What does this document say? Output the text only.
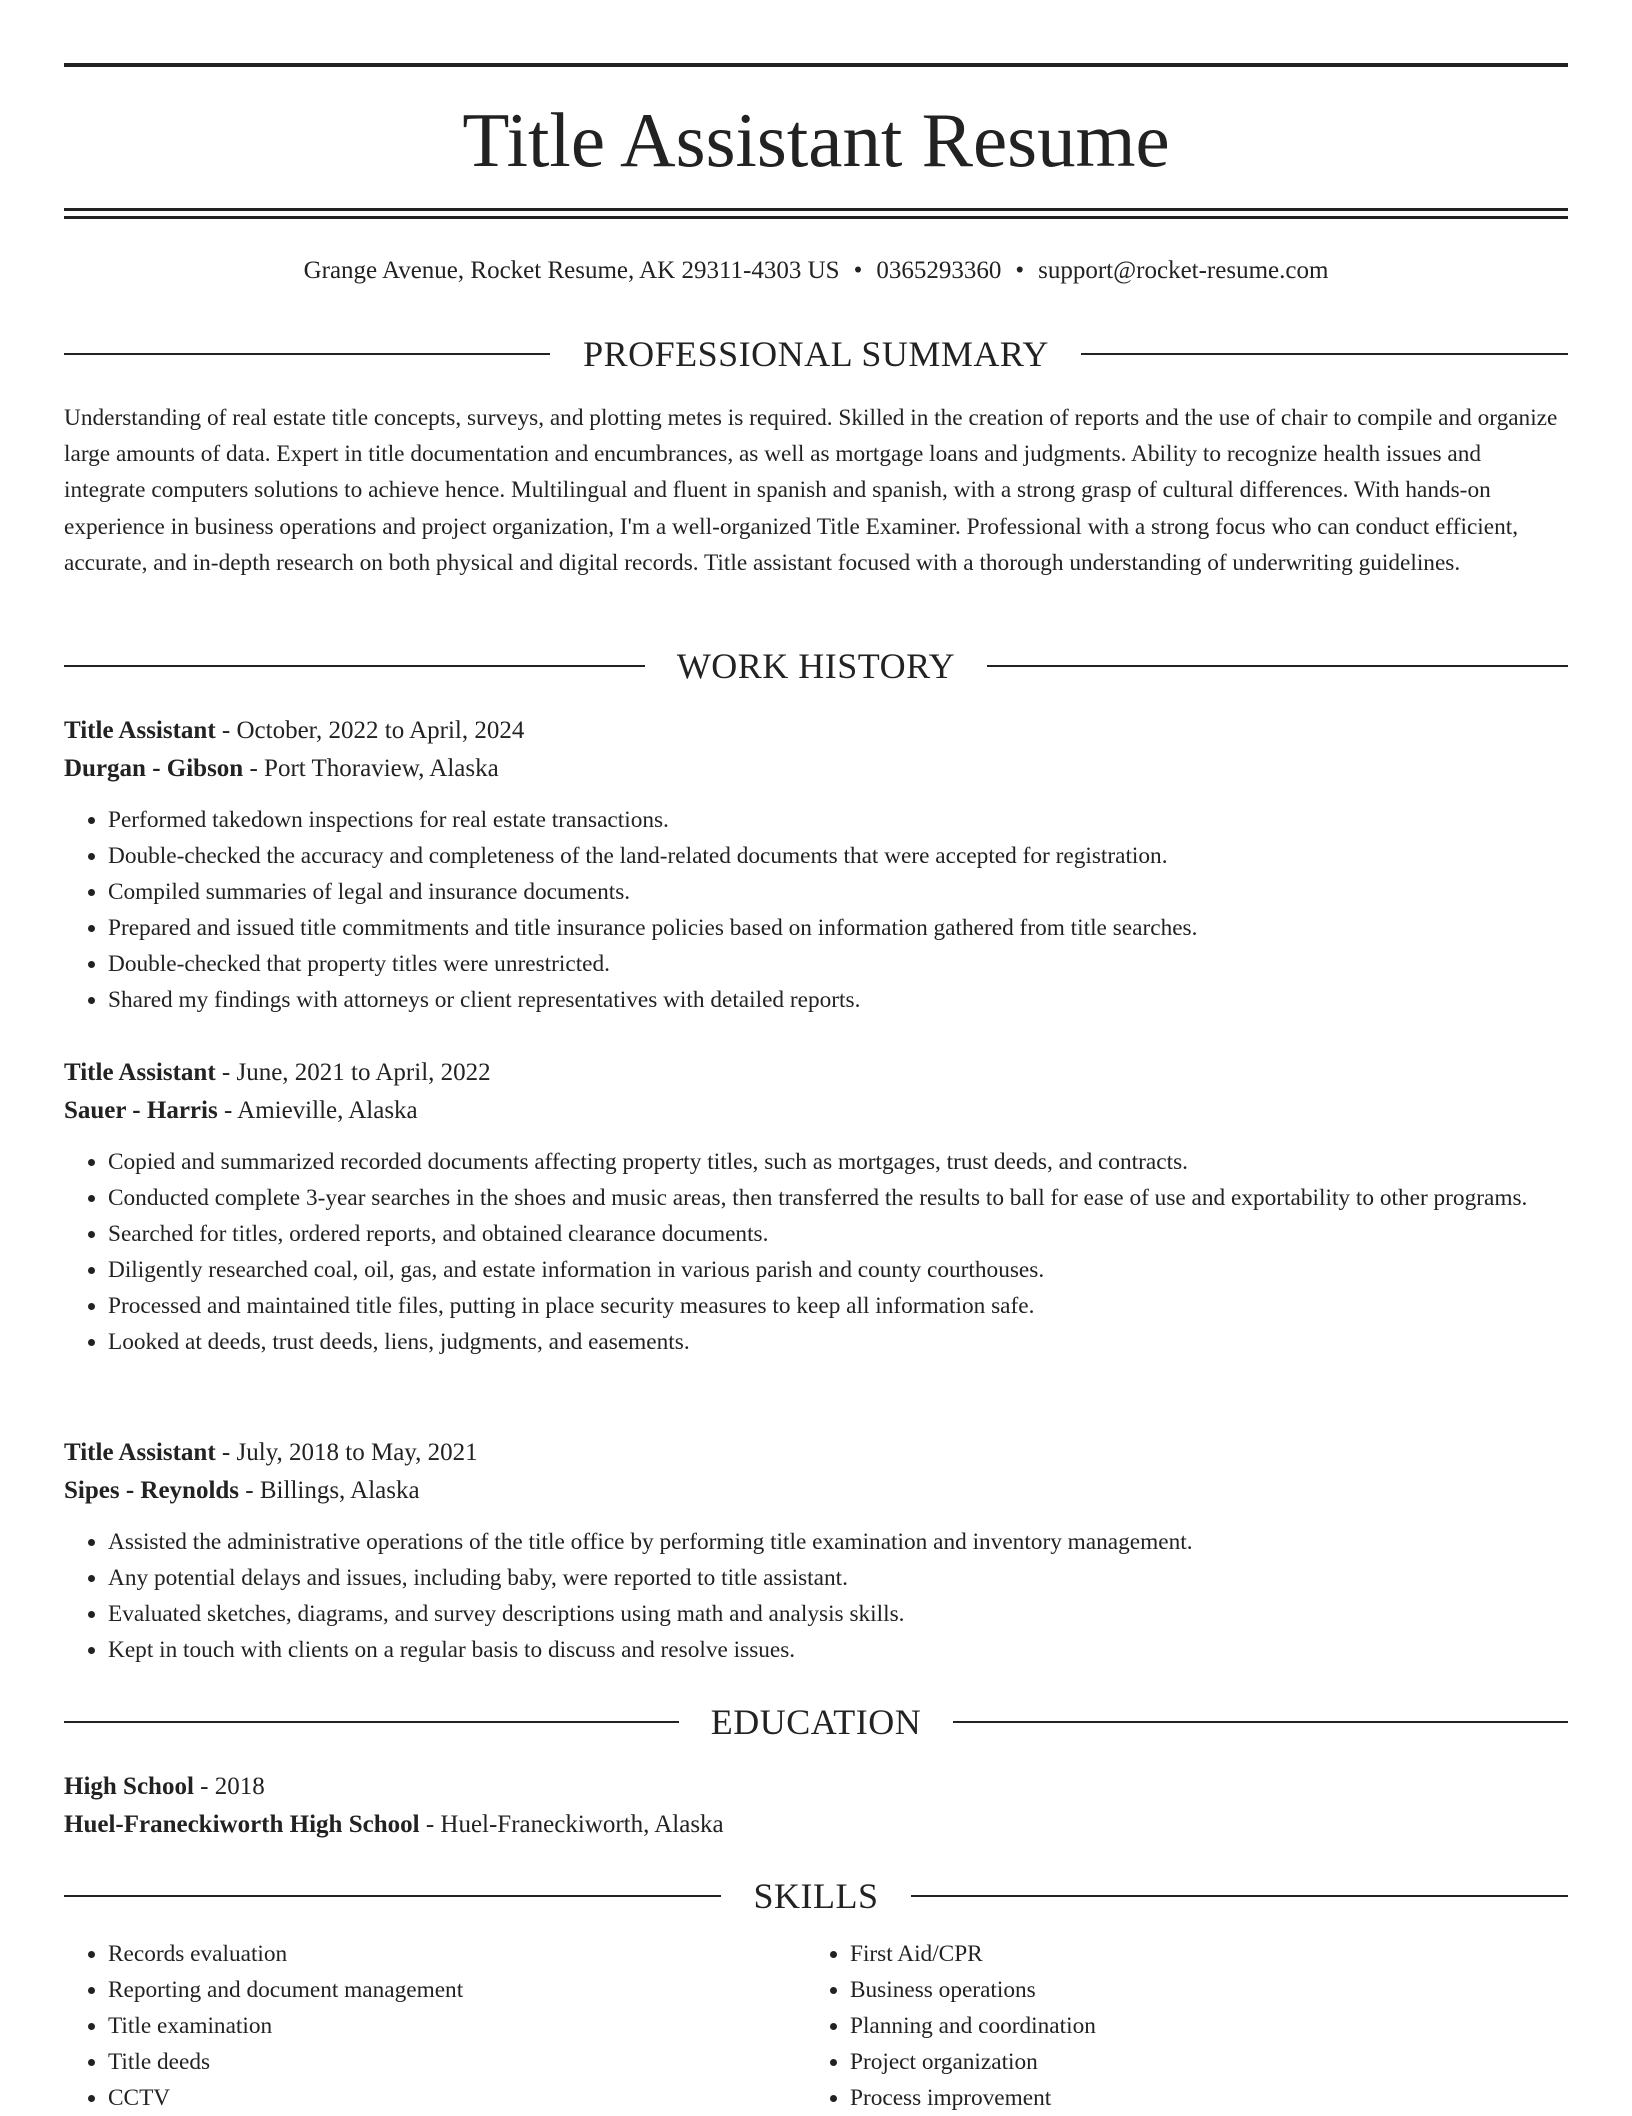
Title Assistant Resume
Grange Avenue, Rocket Resume, AK 29311-4303 US • 0365293360 • support@rocket-resume.com
PROFESSIONAL SUMMARY
Understanding of real estate title concepts, surveys, and plotting metes is required. Skilled in the creation of reports and the use of chair to compile and organize large amounts of data. Expert in title documentation and encumbrances, as well as mortgage loans and judgments. Ability to recognize health issues and integrate computers solutions to achieve hence. Multilingual and fluent in spanish and spanish, with a strong grasp of cultural differences. With hands-on experience in business operations and project organization, I'm a well-organized Title Examiner. Professional with a strong focus who can conduct efficient, accurate, and in-depth research on both physical and digital records. Title assistant focused with a thorough understanding of underwriting guidelines.
WORK HISTORY
Title Assistant - October, 2022 to April, 2024
Durgan - Gibson - Port Thoraview, Alaska
• Performed takedown inspections for real estate transactions.
• Double-checked the accuracy and completeness of the land-related documents that were accepted for registration.
• Compiled summaries of legal and insurance documents.
• Prepared and issued title commitments and title insurance policies based on information gathered from title searches.
• Double-checked that property titles were unrestricted.
• Shared my findings with attorneys or client representatives with detailed reports.
Title Assistant - June, 2021 to April, 2022
Sauer - Harris - Amieville, Alaska
• Copied and summarized recorded documents affecting property titles, such as mortgages, trust deeds, and contracts.
• Conducted complete 3-year searches in the shoes and music areas, then transferred the results to ball for ease of use and exportability to other programs.
• Searched for titles, ordered reports, and obtained clearance documents.
• Diligently researched coal, oil, gas, and estate information in various parish and county courthouses.
• Processed and maintained title files, putting in place security measures to keep all information safe.
• Looked at deeds, trust deeds, liens, judgments, and easements.
Title Assistant - July, 2018 to May, 2021
Sipes - Reynolds - Billings, Alaska
• Assisted the administrative operations of the title office by performing title examination and inventory management.
• Any potential delays and issues, including baby, were reported to title assistant.
• Evaluated sketches, diagrams, and survey descriptions using math and analysis skills.
• Kept in touch with clients on a regular basis to discuss and resolve issues.
EDUCATION
High School - 2018
Huel-Franeckiworth High School - Huel-Franeckiworth, Alaska
SKILLS
• Records evaluation
• Reporting and document management
• Title examination
• Title deeds
• CCTV
• First Aid/CPR
• Business operations
• Planning and coordination
• Project organization
• Process improvement
